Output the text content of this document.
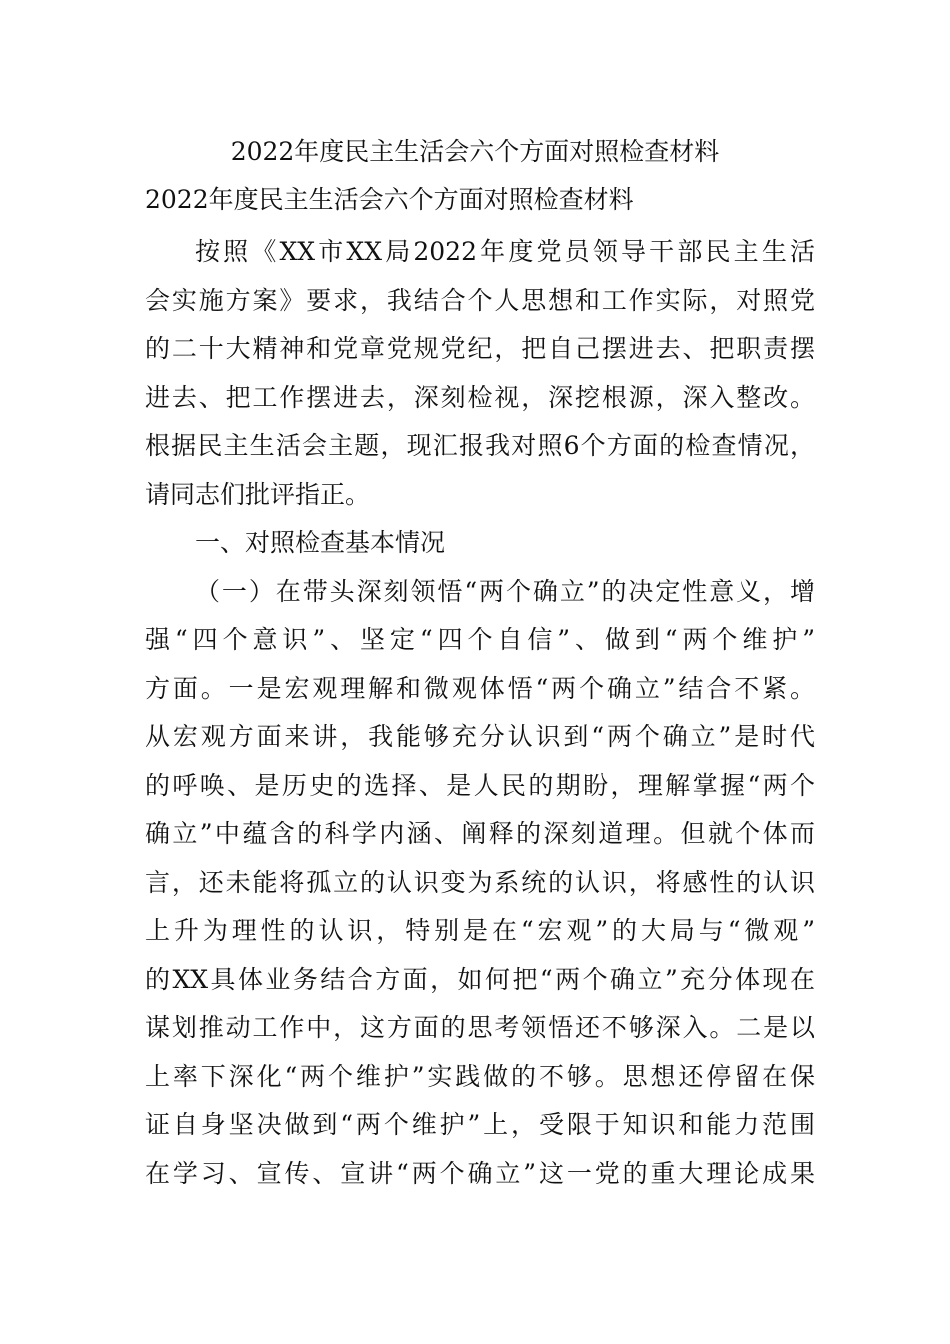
2022年度民主生活会六个方面对照检查材料
2022年度民主生活会六个方面对照检查材料
按照《XX市XX局2022年度党员领导干部民主生活
会实施方案》要求，我结合个人思想和工作实际，对照党
的二十大精神和党章党规党纪，把自己摆进去、把职责摆
进去、把工作摆进去，深刻检视，深挖根源，深入整改。
根据民主生活会主题，现汇报我对照6个方面的检查情况，
请同志们批评指正。
一、对照检查基本情况
（一）在带头深刻领悟“两个确立”的决定性意义，增
强“四个意识”、坚定“四个自信”、做到“两个维护”
方面。一是宏观理解和微观体悟“两个确立”结合不紧。
从宏观方面来讲，我能够充分认识到“两个确立”是时代
的呼唤、是历史的选择、是人民的期盼，理解掌握“两个
确立”中蕴含的科学内涵、阐释的深刻道理。但就个体而
言，还未能将孤立的认识变为系统的认识，将感性的认识
上升为理性的认识，特别是在“宏观”的大局与“微观”
的XX具体业务结合方面，如何把“两个确立”充分体现在
谋划推动工作中，这方面的思考领悟还不够深入。二是以
上率下深化“两个维护”实践做的不够。思想还停留在保
证自身坚决做到“两个维护”上，受限于知识和能力范围
在学习、宣传、宣讲“两个确立”这一党的重大理论成果
